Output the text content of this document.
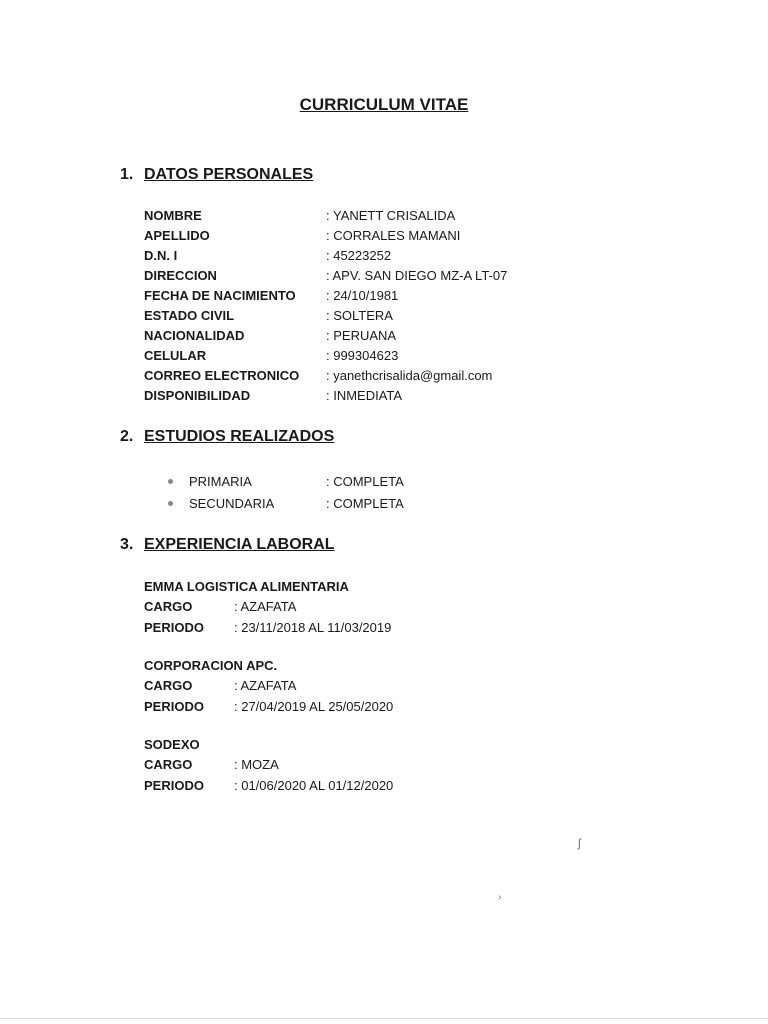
CURRICULUM VITAE
1. DATOS PERSONALES
NOMBRE	: YANETT CRISALIDA
APELLIDO	: CORRALES MAMANI
D.N. I	: 45223252
DIRECCION	: APV. SAN DIEGO MZ-A LT-07
FECHA DE NACIMIENTO : 24/10/1981
ESTADO CIVIL	: SOLTERA
NACIONALIDAD	: PERUANA
CELULAR	: 999304623
CORREO ELECTRONICO : yanethcrisalida@gmail.com
DISPONIBILIDAD	: INMEDIATA
2. ESTUDIOS REALIZADOS
PRIMARIA	: COMPLETA
SECUNDARIA	: COMPLETA
3. EXPERIENCIA LABORAL
EMMA LOGISTICA ALIMENTARIA
CARGO	: AZAFATA
PERIODO : 23/11/2018 AL 11/03/2019
CORPORACION APC.
CARGO	: AZAFATA
PERIODO : 27/04/2019 AL 25/05/2020
SODEXO
CARGO	: MOZA
PERIODO : 01/06/2020 AL 01/12/2020
ʃ
›
